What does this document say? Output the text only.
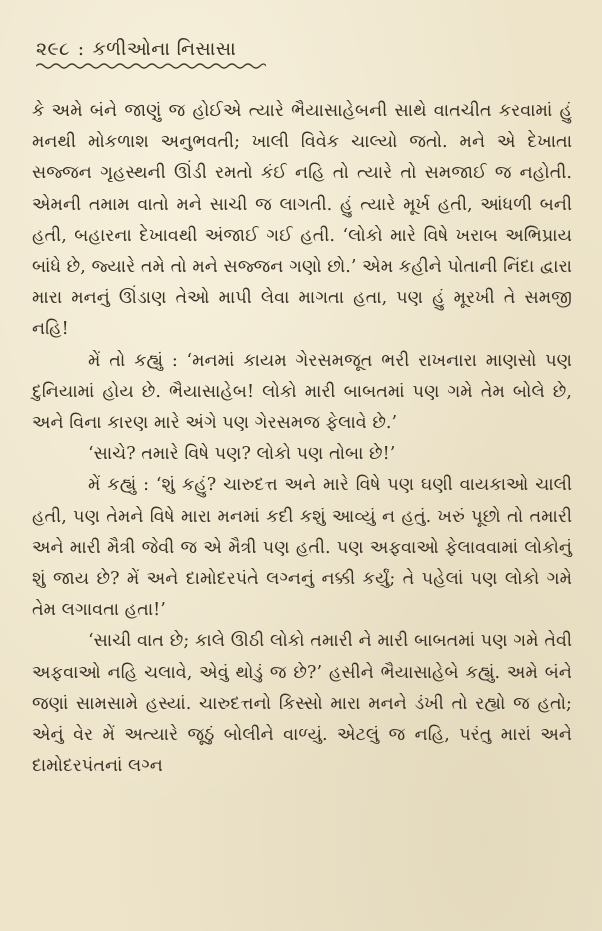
૨૯૮ : કળીઓના નિસાસા

કે અમે બંને જાણું જ હોઈએ ત્યારે ભૈયાસાહેબની સાથે વાતચીત કરવામાં હું મનથી મોકળાશ અનુભવતી; ખાલી વિવેક ચાલ્યો જતો. મને એ દેખાતા સજ્જન ગૃહસ્થની ઊંડી રમતો કંઈ નહિ તો ત્યારે તો સમજાઈ જ નહોતી. એમની તમામ વાતો મને સાચી જ લાગતી. હું ત્યારે મૂર્ખ હતી, આંધળી બની હતી, બહારના દેખાવથી અંજાઈ ગઈ હતી. ‘લોકો મારે વિષે ખરાબ અભિપ્રાય બાંધે છે, જ્યારે તમે તો મને સજ્જન ગણો છો.’ એમ કહીને પોતાની નિંદા દ્વારા મારા મનનું ઊંડાણ તેઓ માપી લેવા માગતા હતા, પણ હું મૂરખી તે સમજી નહિ!

મેં તો કહ્યું : ‘મનમાં કાયમ ગેરસમજૂત ભરી રાખનારા માણસો પણ દુનિયામાં હોય છે. ભૈયાસાહેબ! લોકો મારી બાબતમાં પણ ગમે તેમ બોલે છે, અને વિના કારણ મારે અંગે પણ ગેરસમજ ફેલાવે છે.’

‘સાચે? તમારે વિષે પણ? લોકો પણ તોબા છે!’

મેં કહ્યું : ‘શું કહું? ચારુદત્ત અને મારે વિષે પણ ઘણી વાયકાઓ ચાલી હતી, પણ તેમને વિષે મારા મનમાં કદી કશું આવ્યું ન હતું. ખરું પૂછો તો તમારી અને મારી મૈત્રી જેવી જ એ મૈત્રી પણ હતી. પણ અફવાઓ ફેલાવવામાં લોકોનું શું જાય છે? મેં અને દામોદરપંતે લગ્નનું નક્કી કર્યું; તે પહેલાં પણ લોકો ગમે તેમ લગાવતા હતા!’

‘સાચી વાત છે; કાલે ઊઠી લોકો તમારી ને મારી બાબતમાં પણ ગમે તેવી અફવાઓ નહિ ચલાવે, એવું થોડું જ છે?’ હસીને ભૈયાસાહેબે કહ્યું. અમે બંને જણાં સામસામે હસ્યાં. ચારુદત્તનો કિસ્સો મારા મનને ડંખી તો રહ્યો જ હતો; એનું વેર મેં અત્યારે જૂઠું બોલીને વાળ્યું. એટલું જ નહિ, પરંતુ મારાં અને દામોદરપંતનાં લગ્ન
